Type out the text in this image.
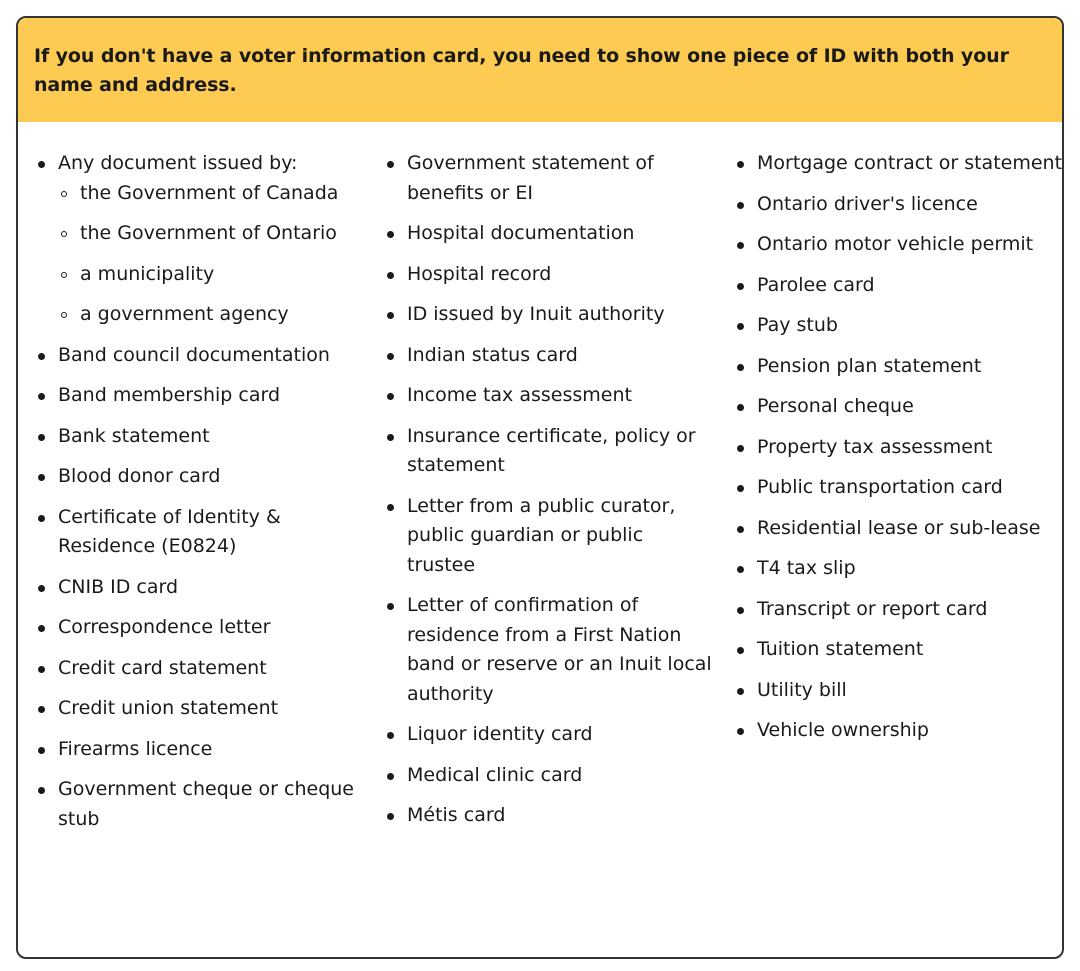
If you don't have a voter information card, you need to show one piece of ID with both your name and address.

Any document issued by:
the Government of Canada
the Government of Ontario
a municipality
a government agency
Band council documentation
Band membership card
Bank statement
Blood donor card
Certificate of Identity & Residence (E0824)
CNIB ID card
Correspondence letter
Credit card statement
Credit union statement
Firearms licence
Government cheque or cheque stub
Government statement of benefits or EI
Hospital documentation
Hospital record
ID issued by Inuit authority
Indian status card
Income tax assessment
Insurance certificate, policy or statement
Letter from a public curator, public guardian or public trustee
Letter of confirmation of residence from a First Nation band or reserve or an Inuit local authority
Liquor identity card
Medical clinic card
Métis card
Mortgage contract or statement
Ontario driver's licence
Ontario motor vehicle permit
Parolee card
Pay stub
Pension plan statement
Personal cheque
Property tax assessment
Public transportation card
Residential lease or sub-lease
T4 tax slip
Transcript or report card
Tuition statement
Utility bill
Vehicle ownership
